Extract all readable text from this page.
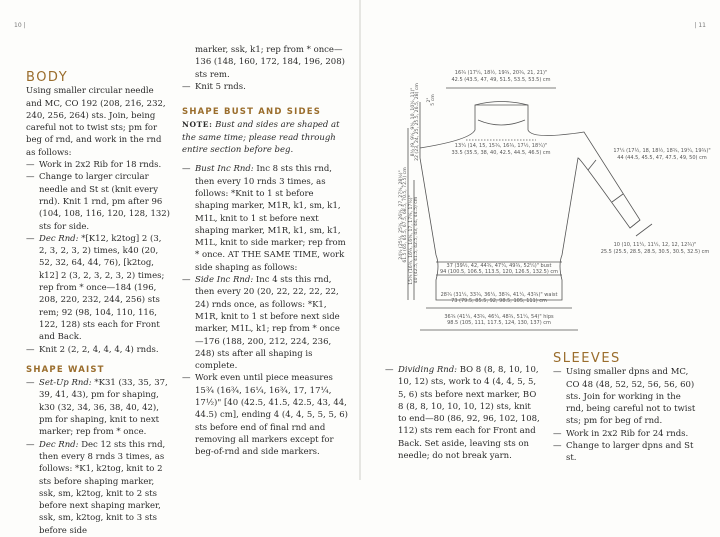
10 |	| 11
BODY

Using smaller circular needle and MC, CO 192 (208, 216, 232, 240, 256, 264) sts. Join, being careful not to twist sts; pm for beg of rnd, and work in the rnd as follows:

— Work in 2x2 Rib for 18 rnds.
— Change to larger circular needle and St st (knit every rnd). Knit 1 rnd, pm after 96 (104, 108, 116, 120, 128, 132) sts for side.
— Dec Rnd: *[K12, k2tog] 2 (3, 2, 3, 2, 3, 2) times, k40 (20, 52, 32, 64, 44, 76), [k2tog, k12] 2 (3, 2, 3, 2, 3, 2) times; rep from * once—184 (196, 208, 220, 232, 244, 256) sts rem; 92 (98, 104, 110, 116, 122, 128) sts each for Front and Back.
— Knit 2 (2, 2, 4, 4, 4, 4) rnds.
SHAPE WAIST
— Set-Up Rnd: *K31 (33, 35, 37, 39, 41, 43), pm for shaping, k30 (32, 34, 36, 38, 40, 42), pm for shaping, knit to next marker; rep from * once.
— Dec Rnd: Dec 12 sts this rnd, then every 8 rnds 3 times, as follows: *K1, k2tog, knit to 2 sts before shaping marker, ssk, sm, k2tog, knit to 2 sts before next shaping marker, ssk, sm, k2tog, knit to 3 sts before side

marker, ssk, k1; rep from * once—136 (148, 160, 172, 184, 196, 208) sts rem.

— Knit 5 rnds.
SHAPE BUST AND SIDES

NOTE: Bust and sides are shaped at the same time; please read through entire section before beg.

— Bust Inc Rnd: Inc 8 sts this rnd, then every 10 rnds 3 times, as follows: *Knit to 1 st before shaping marker, M1R, k1, sm, k1, M1L, knit to 1 st before next shaping marker, M1R, k1, sm, k1, M1L, knit to side marker; rep from * once. AT THE SAME TIME, work side shaping as follows:
— Side Inc Rnd: Inc 4 sts this rnd, then every 20 (20, 22, 22, 22, 22, 24) rnds once, as follows: *K1, M1R, knit to 1 st before next side marker, M1L, k1; rep from * once—176 (188, 200, 212, 224, 236, 248) sts after all shaping is complete.
— Work even until piece measures 15¾ (16¾, 16¼, 16¾, 17, 17¼, 17½)" [40 (42.5, 41.5, 42.5, 43, 44, 44.5) cm], ending 4 (4, 4, 5, 5, 5, 6) sts before end of final rnd and removing all markers except for beg-of-rnd and side markers.
16¾ (17¼, 18½, 19¾, 20¾, 21, 21)"
42.5 (43.5, 47, 49, 51.5, 53.5, 53.5) cm
13¼ (14, 15, 15¾, 16¾, 17½, 18¼)"
33.5 (35.5, 38, 40, 42.5, 44.5, 46.5) cm	17¼ (17½, 18, 18½, 18¾, 19¼, 19¾)"
44 (44.5, 45.5, 47, 47.5, 49, 50) cm
10 (10, 11¼, 11¼, 12, 12, 12¾)"
25.5 (25.5, 28.5, 28.5, 30.5, 30.5, 32.5) cm
37 (39½, 42, 44¾, 47¼, 49¾, 52¼)" bust
94 (100.5, 106.5, 113.5, 120, 126.5, 132.5) cm
28¾ (31¼, 33¾, 36¼, 38¾, 41¼, 43¾)" waist
73 (79.5, 85.5, 92, 98.5, 105, 111) cm
36¾ (41¼, 43¾, 46¼, 48¾, 51¼, 54)" hips
98.5 (105, 111, 117.5, 124, 130, 137) cm
24½ (25½, 25¾, 26½, 27, 27¾, 28½)" 61.5 (65, 65.5, 67.5, 68.5, 70.5, 72.5) cm 15¾ (16¾, 16¼, 16¾, 17, 17¼, 17½)" 40 (42.5, 41.5, 42.5, 43, 44, 44.5) cm
8¾ (9, 9½, 9¾, 10, 10½, 11)" 22 (23, 24, 25, 25.5, 26.5, 28) cm 2" 5 cm
— Dividing Rnd: BO 8 (8, 8, 10, 10, 10, 12) sts, work to 4 (4, 4, 5, 5, 5, 6) sts before next marker, BO 8 (8, 8, 10, 10, 10, 12) sts, knit to end—80 (86, 92, 96, 102, 108, 112) sts rem each for Front and Back. Set aside, leaving sts on needle; do not break yarn.
SLEEVES
— Using smaller dpns and MC, CO 48 (48, 52, 52, 56, 56, 60) sts. Join for working in the rnd, being careful not to twist sts; pm for beg of rnd.
— Work in 2x2 Rib for 24 rnds.
— Change to larger dpns and St st.
